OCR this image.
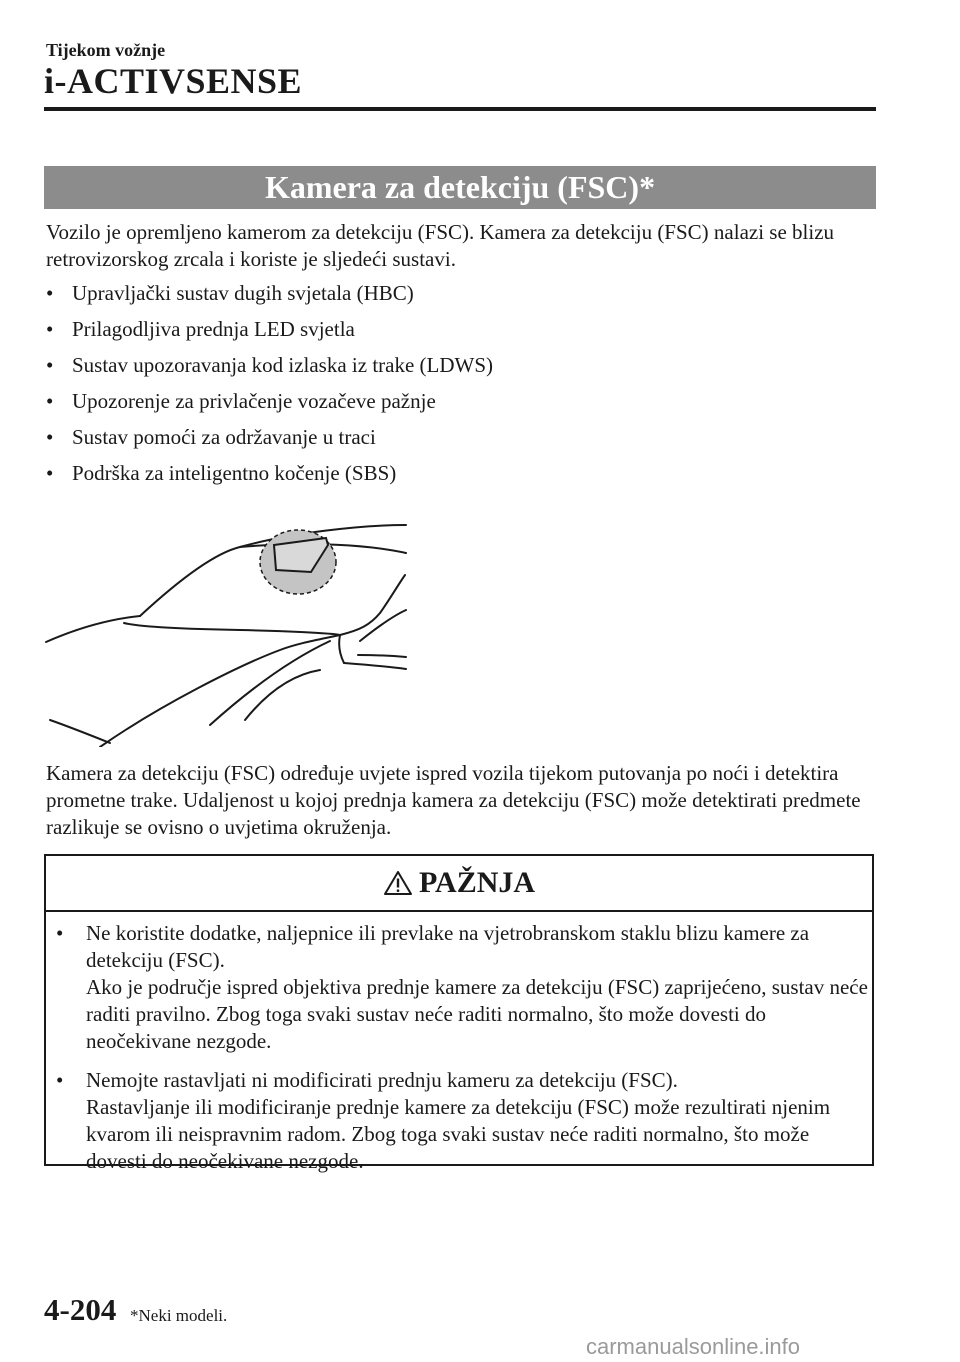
Tijekom vožnje
i-ACTIVSENSE
Kamera za detekciju (FSC)*
Vozilo je opremljeno kamerom za detekciju (FSC). Kamera za detekciju (FSC) nalazi se blizu retrovizorskog zrcala i koriste je sljedeći sustavi.
• Upravljački sustav dugih svjetala (HBC)
• Prilagodljiva prednja LED svjetla
• Sustav upozoravanja kod izlaska iz trake (LDWS)
• Upozorenje za privlačenje vozačeve pažnje
• Sustav pomoći za održavanje u traci
• Podrška za inteligentno kočenje (SBS)
Kamera za detekciju (FSC) određuje uvjete ispred vozila tijekom putovanja po noći i detektira prometne trake. Udaljenost u kojoj prednja kamera za detekciju (FSC) može detektirati predmete razlikuje se ovisno o uvjetima okruženja.
PAŽNJA
•	Ne koristite dodatke, naljepnice ili prevlake na vjetrobranskom staklu blizu kamere za detekciju (FSC).
Ako je područje ispred objektiva prednje kamere za detekciju (FSC) zaprijećeno, sustav neće raditi pravilno. Zbog toga svaki sustav neće raditi normalno, što može dovesti do neočekivane nezgode.
•	Nemojte rastavljati ni modificirati prednju kameru za detekciju (FSC).
Rastavljanje ili modificiranje prednje kamere za detekciju (FSC) može rezultirati njenim kvarom ili neispravnim radom. Zbog toga svaki sustav neće raditi normalno, što može dovesti do neočekivane nezgode.
4-204 *Neki modeli.
carmanualsonline.info
